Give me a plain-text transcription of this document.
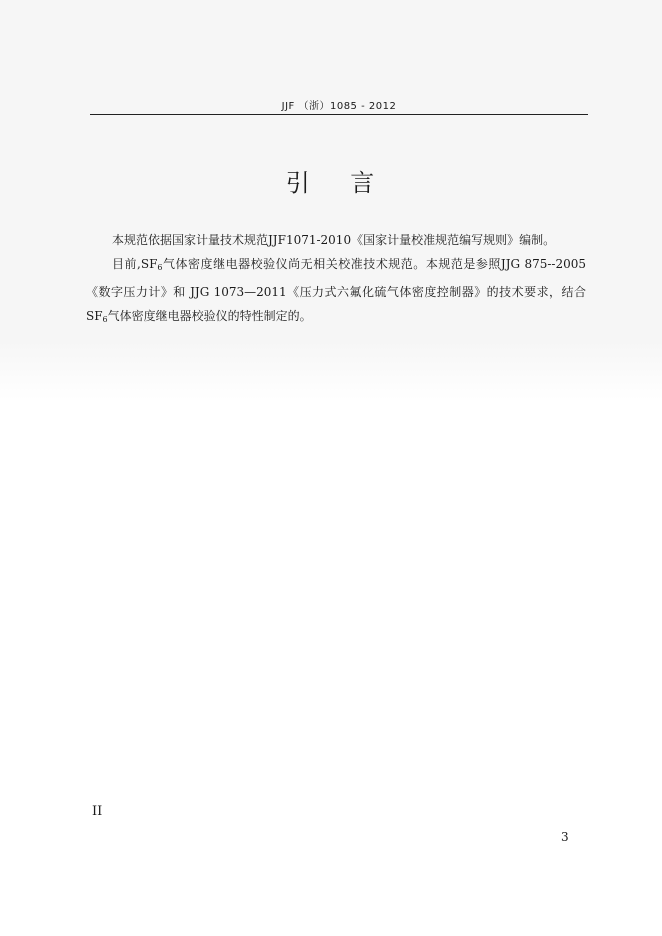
JJF （浙）1085 - 2012
引    言

本规范依据国家计量技术规范JJF1071-2010《国家计量校准规范编写规则》编制。

目前$,SF_6$气体密度继电器校验仪尚无相关校准技术规范。本规范是参照JJG 875--2005《数字压力计》和 JJG 1073—2011《压力式六氟化硫气体密度控制器》的技术要求，结合$SF_6$气体密度继电器校验仪的特性制定的。

II
3
